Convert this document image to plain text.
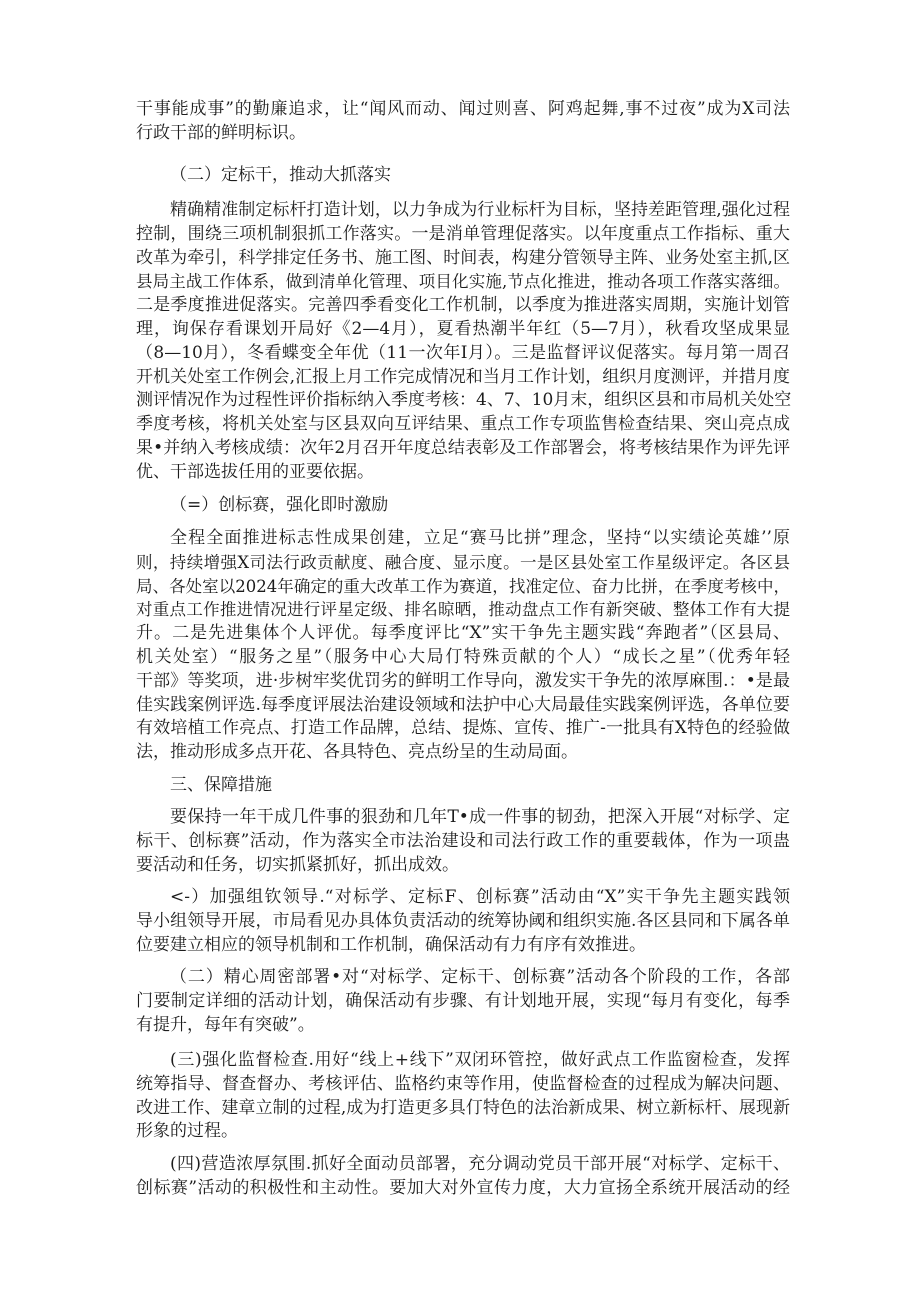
干事能成事”的勤廉追求，让“闻风而动、闻过则喜、阿鸡起舞,事不过夜”成为X司法
行政干部的鲜明标识。
（二）定标干，推动大抓落实
精确精准制定标杆打造计划，以力争成为行业标杆为目标，坚持差距管理,强化过程
控制，围绕三项机制狠抓工作落实。一是消单管理促落实。以年度重点工作指标、重大
改革为牵引，科学排定任务书、施工图、时间表，构建分管领导主阵、业务处室主抓,区
县局主战工作体系，做到清单化管理、项目化实施,节点化推进，推动各项工作落实落细。
二是季度推进促落实。完善四季看变化工作机制，以季度为推进落实周期，实施计划管
理，询保存看课划开局好《2—4月），夏看热潮半年红（5—7月），秋看攻坚成果显
（8—10月），冬看蝶变全年优（11一次年I月）。三是监督评议促落实。每月第一周召
开机关处室工作例会,汇报上月工作完成情况和当月工作计划，组织月度测评，并措月度
测评情况作为过程性评价指标纳入季度考核：4、7、10月末，组织区县和市局机关处空
季度考核，将机关处室与区县双向互评结果、重点工作专项监售检查结果、突山亮点成
果•并纳入考核成绩：次年2月召开年度总结表彰及工作部署会，将考核结果作为评先评
优、干部选拔任用的亚要依据。
（=）创标赛，强化即时激励
全程全面推进标志性成果创建，立足“赛马比拼”理念，坚持“以实绩论英雄’’原
则，持续增强X司法行政贡献度、融合度、显示度。一是区县处室工作星级评定。各区县
局、各处室以2024年确定的重大改革工作为赛道，找准定位、奋力比拼，在季度考核中，
对重点工作推进情况进行评星定级、排名晾晒，推动盘点工作有新突破、整体工作有大提
升。二是先进集体个人评优。每季度评比“X”实干争先主题实践“奔跑者”（区县局、
机关处室）“服务之星”（服务中心大局仃特殊贡献的个人）“成长之星”（优秀年轻
干部》等奖项，进·步树牢奖优罚劣的鲜明工作导向，激发实干争先的浓厚麻围.：•是最
佳实践案例评选.每季度评展法治建设领域和法护中心大局最佳实践案例评选，各单位要
有效培植工作亮点、打造工作品牌，总结、提炼、宣传、推广-一批具有X特色的经验做
法，推动形成多点开花、各具特色、亮点纷呈的生动局面。
三、保障措施
要保持一年干成几件事的狠劲和几年T•成一件事的韧劲，把深入开展“对标学、定
标干、创标赛”活动，作为落实全市法治建设和司法行政工作的重要载体，作为一项蛊
要活动和任务，切实抓紧抓好，抓出成效。
<-）加强组钦领导.“对标学、定标F、创标赛”活动由“X”实干争先主题实践领
导小组领导开展，市局看见办具体负责活动的统筹协阈和组织实施.各区县同和下属各单
位要建立相应的领导机制和工作机制，确保活动有力有序有效推进。
（二）精心周密部署•对“对标学、定标干、创标赛”活动各个阶段的工作，各部
门要制定详细的活动计划，确保活动有步骤、有计划地开展，实现“每月有变化，每季
有提升，每年有突破”。
(三)强化监督检查.用好“线上+线下”双闭环管控，做好武点工作监窗检查，发挥
统筹指导、督查督办、考核评估、监格约束等作用，使监督检查的过程成为解决问题、
改进工作、建章立制的过程,成为打造更多具仃特色的法治新成果、树立新标杆、展现新
形象的过程。
(四)营造浓厚氛围.抓好全面动员部署，充分调动党员干部开展“对标学、定标干、
创标赛”活动的积极性和主动性。要加大对外宣传力度，大力宣扬全系统开展活动的经
